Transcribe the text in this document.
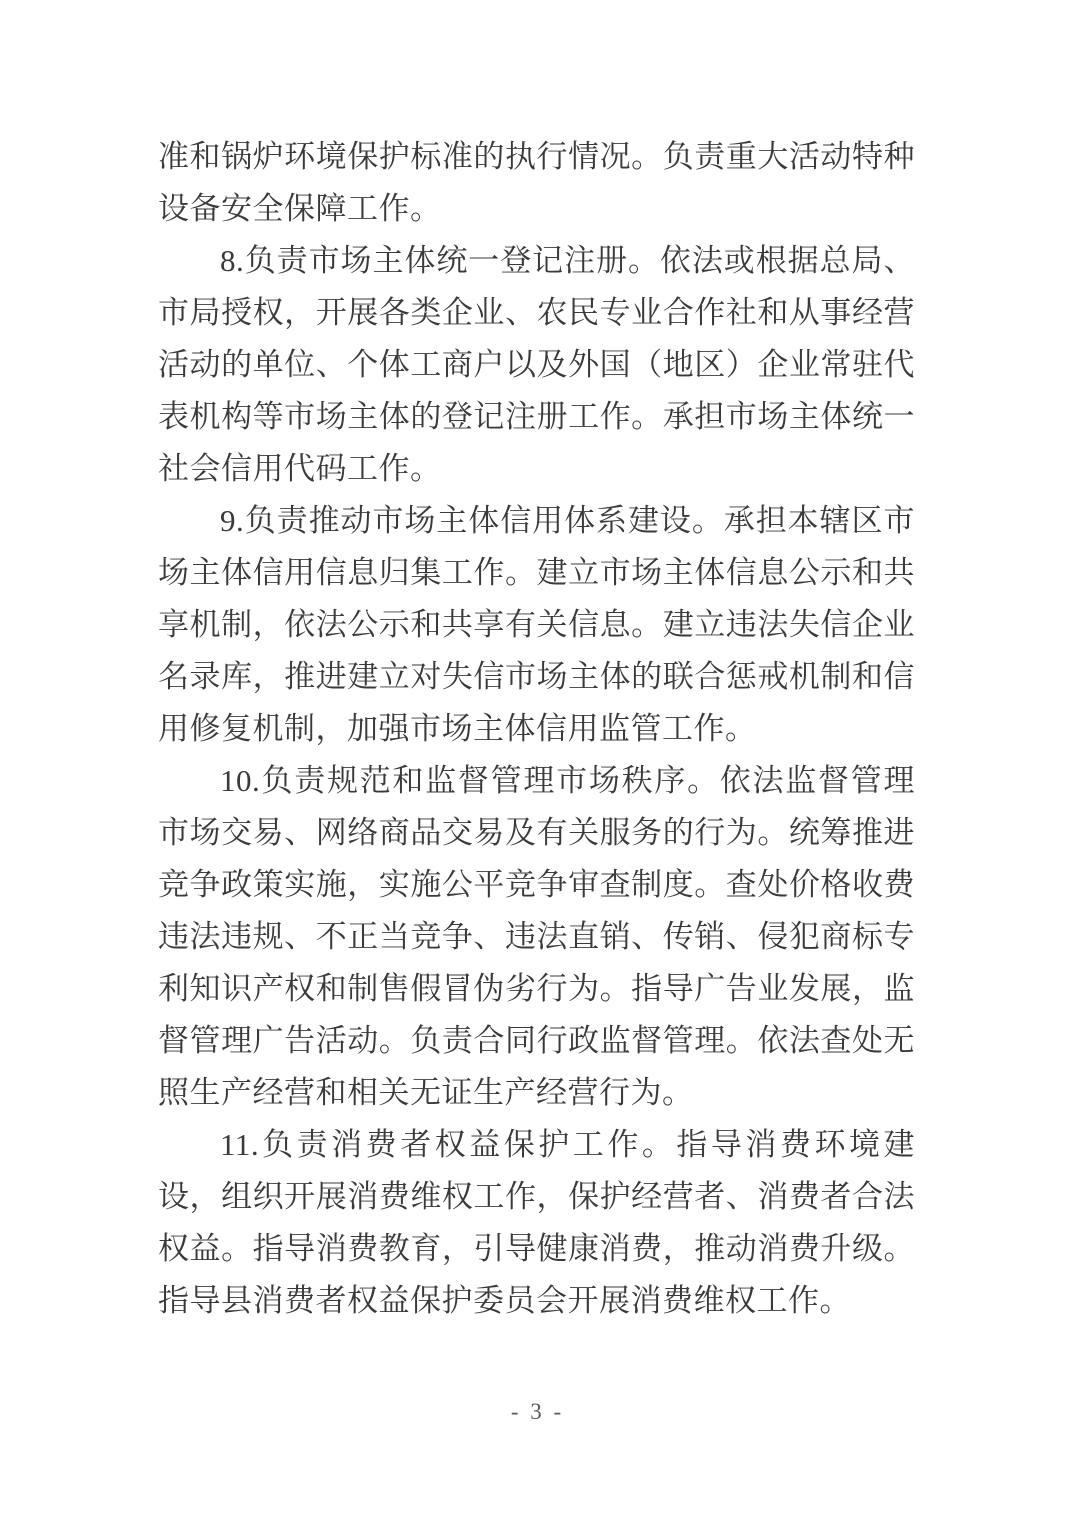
准和锅炉环境保护标准的执行情况。负责重大活动特种设备安全保障工作。

8.负责市场主体统一登记注册。依法或根据总局、市局授权，开展各类企业、农民专业合作社和从事经营活动的单位、个体工商户以及外国（地区）企业常驻代表机构等市场主体的登记注册工作。承担市场主体统一社会信用代码工作。

9.负责推动市场主体信用体系建设。承担本辖区市场主体信用信息归集工作。建立市场主体信息公示和共享机制，依法公示和共享有关信息。建立违法失信企业名录库，推进建立对失信市场主体的联合惩戒机制和信用修复机制，加强市场主体信用监管工作。

10.负责规范和监督管理市场秩序。依法监督管理市场交易、网络商品交易及有关服务的行为。统筹推进竞争政策实施，实施公平竞争审查制度。查处价格收费违法违规、不正当竞争、违法直销、传销、侵犯商标专利知识产权和制售假冒伪劣行为。指导广告业发展，监督管理广告活动。负责合同行政监督管理。依法查处无照生产经营和相关无证生产经营行为。

11.负责消费者权益保护工作。指导消费环境建设，组织开展消费维权工作，保护经营者、消费者合法权益。指导消费教育，引导健康消费，推动消费升级。指导县消费者权益保护委员会开展消费维权工作。

- 3 -
